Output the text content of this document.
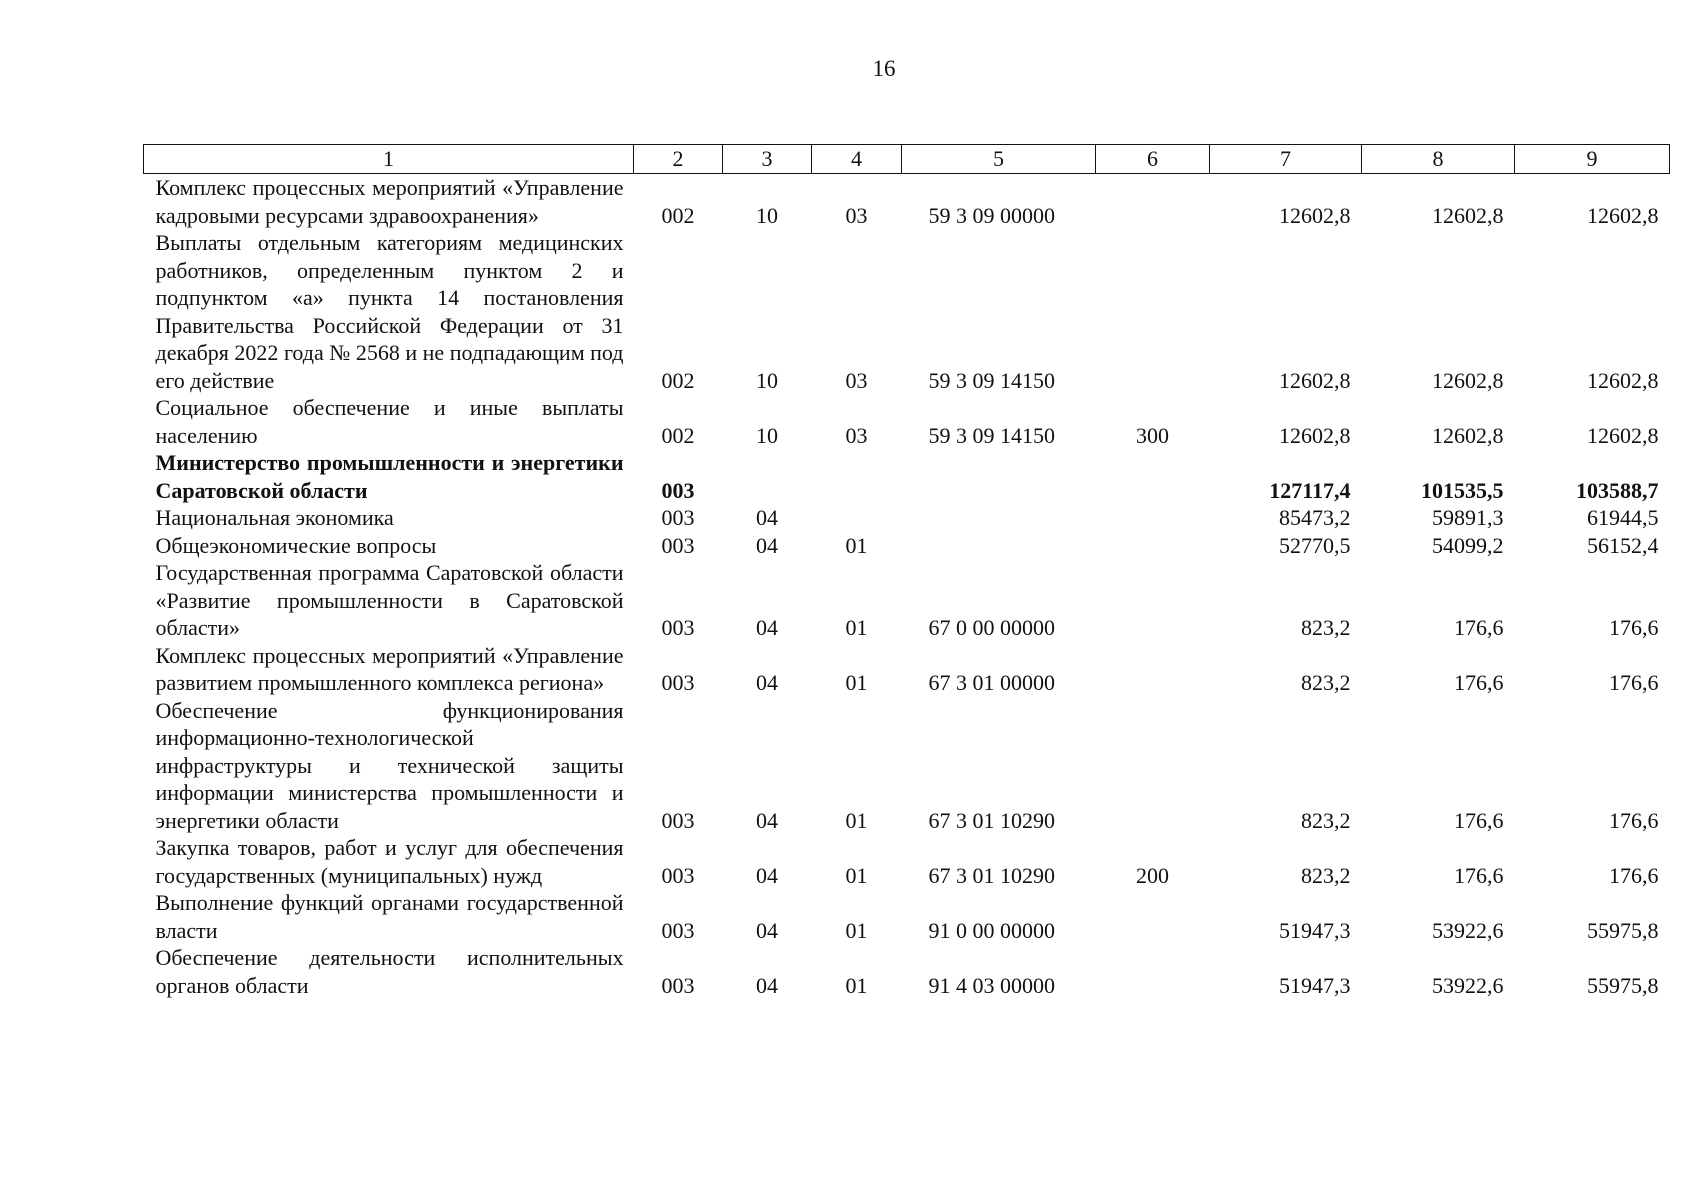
16
1	2	3	4	5	6	7	8	9
Комплекс процессных мероприятий «Управление кадровыми ресурсами здравоохранения»	002	10	03	59 3 09 00000		12602,8	12602,8	12602,8
Выплаты отдельным категориям медицинских работников, определенным пунктом 2 и подпунктом «а» пункта 14 постановления Правительства Российской Федерации от 31 декабря 2022 года № 2568 и не подпадающим под его действие	002	10	03	59 3 09 14150		12602,8	12602,8	12602,8
Социальное обеспечение и иные выплаты населению	002	10	03	59 3 09 14150	300	12602,8	12602,8	12602,8
Министерство промышленности и энергетики Саратовской области	003					127117,4	101535,5	103588,7
Национальная экономика	003	04				85473,2	59891,3	61944,5
Общеэкономические вопросы	003	04	01			52770,5	54099,2	56152,4
Государственная программа Саратовской области «Развитие промышленности в Саратовской области»	003	04	01	67 0 00 00000		823,2	176,6	176,6
Комплекс процессных мероприятий «Управление развитием промышленного комплекса региона»	003	04	01	67 3 01 00000		823,2	176,6	176,6
Обеспечение функционирования информационно-технологической инфраструктуры и технической защиты информации министерства промышленности и энергетики области	003	04	01	67 3 01 10290		823,2	176,6	176,6
Закупка товаров, работ и услуг для обеспечения государственных (муниципальных) нужд	003	04	01	67 3 01 10290	200	823,2	176,6	176,6
Выполнение функций органами государственной власти	003	04	01	91 0 00 00000		51947,3	53922,6	55975,8
Обеспечение деятельности исполнительных органов области	003	04	01	91 4 03 00000		51947,3	53922,6	55975,8
